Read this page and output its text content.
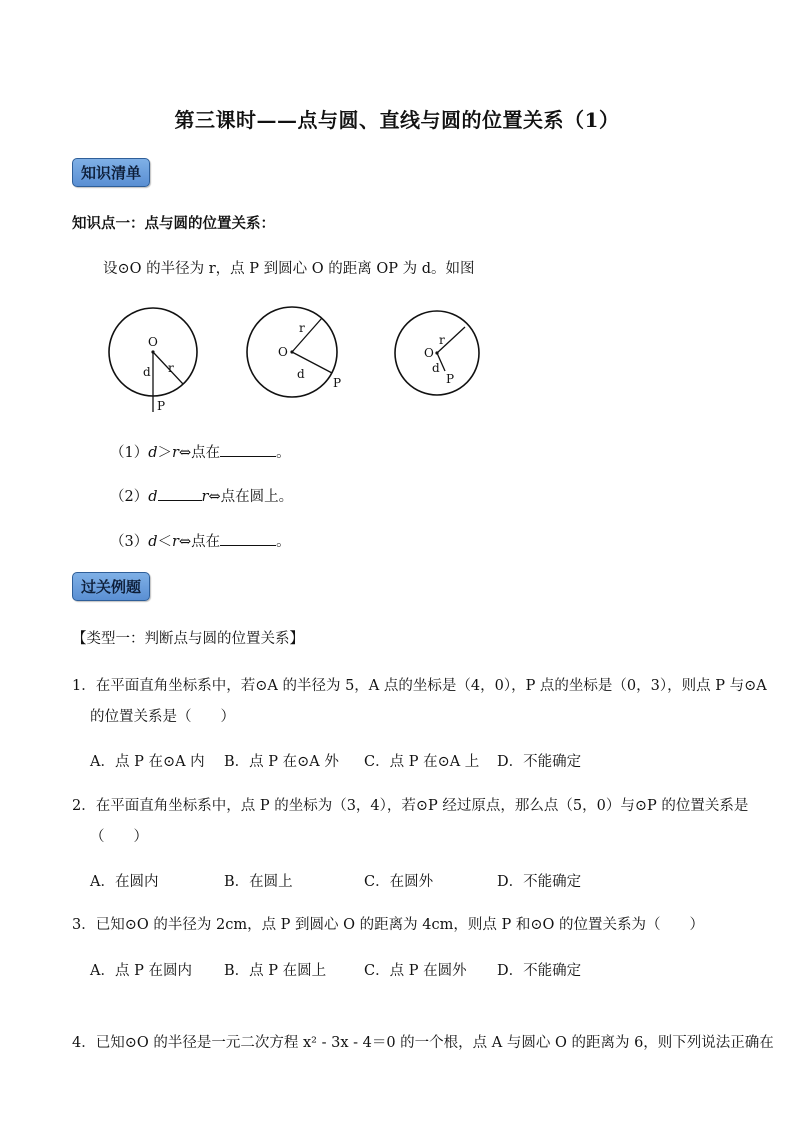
第三课时——点与圆、直线与圆的位置关系（1）
知识清单
知识点一：点与圆的位置关系：
设⊙O 的半径为 r，点 P 到圆心 O 的距离 OP 为 d。如图
O
r
d
P
O
r
d
P
O
r
d
P
（1）d＞r⇔点在	。
（2）d	r⇔点在圆上。
（3）d＜r⇔点在	。
过关例题
【类型一：判断点与圆的位置关系】
1．在平面直角坐标系中，若⊙A 的半径为 5，A 点的坐标是（4，0），P 点的坐标是（0，3），则点 P 与⊙A
的位置关系是（　　）
A．点 P 在⊙A 内 B．点 P 在⊙A 外 C．点 P 在⊙A 上 D．不能确定
2．在平面直角坐标系中，点 P 的坐标为（3，4），若⊙P 经过原点，那么点（5，0）与⊙P 的位置关系是
（　　）
A．在圆内	B．在圆上	C．在圆外	D．不能确定
3．已知⊙O 的半径为 2cm，点 P 到圆心 O 的距离为 4cm，则点 P 和⊙O 的位置关系为（　　）
A．点 P 在圆内 B．点 P 在圆上	C．点 P 在圆外 D．不能确定
4．已知⊙O 的半径是一元二次方程 x² - 3x - 4＝0 的一个根，点 A 与圆心 O 的距离为 6，则下列说法正确在
